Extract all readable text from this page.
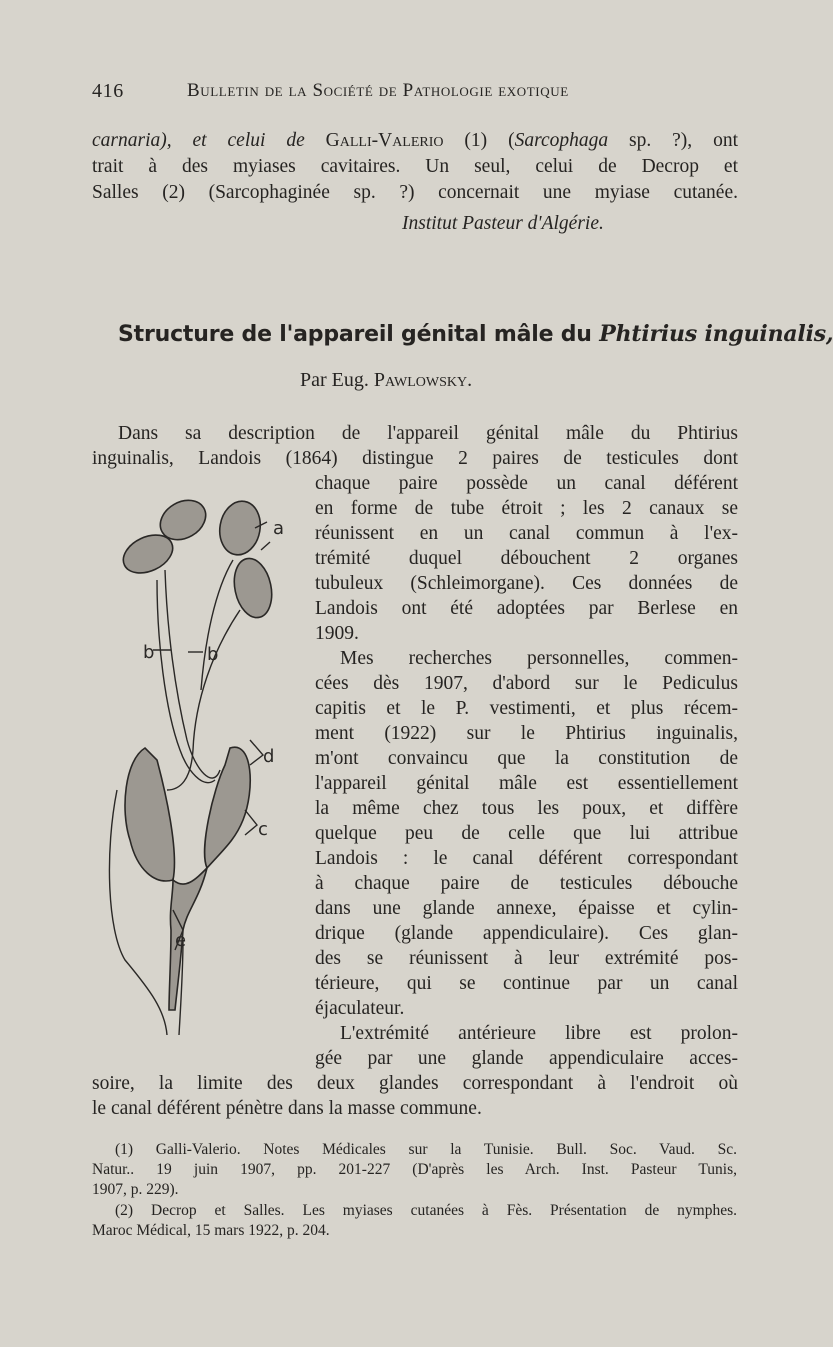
416	Bulletin de la Société de Pathologie exotique
carnaria), et celui de Galli-Valerio (1) (Sarcophaga sp. ?), ont
trait à des myiases cavitaires. Un seul, celui de Decrop et
Salles (2) (Sarcophaginée sp. ?) concernait une myiase cutanée.
Institut Pasteur d'Algérie.
Structure de l'appareil génital mâle du Phtirius inguinalis,
Par Eug. Pawlowsky.
Dans sa description de l'appareil génital mâle du Phtirius
inguinalis, Landois (1864) distingue 2 paires de testicules dont
chaque paire possède un canal déférent
en forme de tube étroit ; les 2 canaux se
réunissent en un canal commun à l'ex-
trémité duquel débouchent 2 organes
tubuleux (Schleimorgane). Ces données de
Landois ont été adoptées par Berlese en
1909.
Mes recherches personnelles, commen-
cées dès 1907, d'abord sur le Pediculus
capitis et le P. vestimenti, et plus récem-
ment (1922) sur le Phtirius inguinalis,
m'ont convaincu que la constitution de
l'appareil génital mâle est essentiellement
la même chez tous les poux, et diffère
quelque peu de celle que lui attribue
Landois : le canal déférent correspondant
à chaque paire de testicules débouche
dans une glande annexe, épaisse et cylin-
drique (glande appendiculaire). Ces glan-
des se réunissent à leur extrémité pos-
térieure, qui se continue par un canal
éjaculateur.
L'extrémité antérieure libre est prolon-
gée par une glande appendiculaire acces-
soire, la limite des deux glandes correspondant à l'endroit où
le canal déférent pénètre dans la masse commune.
a
b	b
d
c
e
(1) Galli-Valerio. Notes Médicales sur la Tunisie. Bull. Soc. Vaud. Sc.
Natur.. 19 juin 1907, pp. 201-227 (D'après les Arch. Inst. Pasteur Tunis,
1907, p. 229).
(2) Decrop et Salles. Les myiases cutanées à Fès. Présentation de nymphes.
Maroc Médical, 15 mars 1922, p. 204.
